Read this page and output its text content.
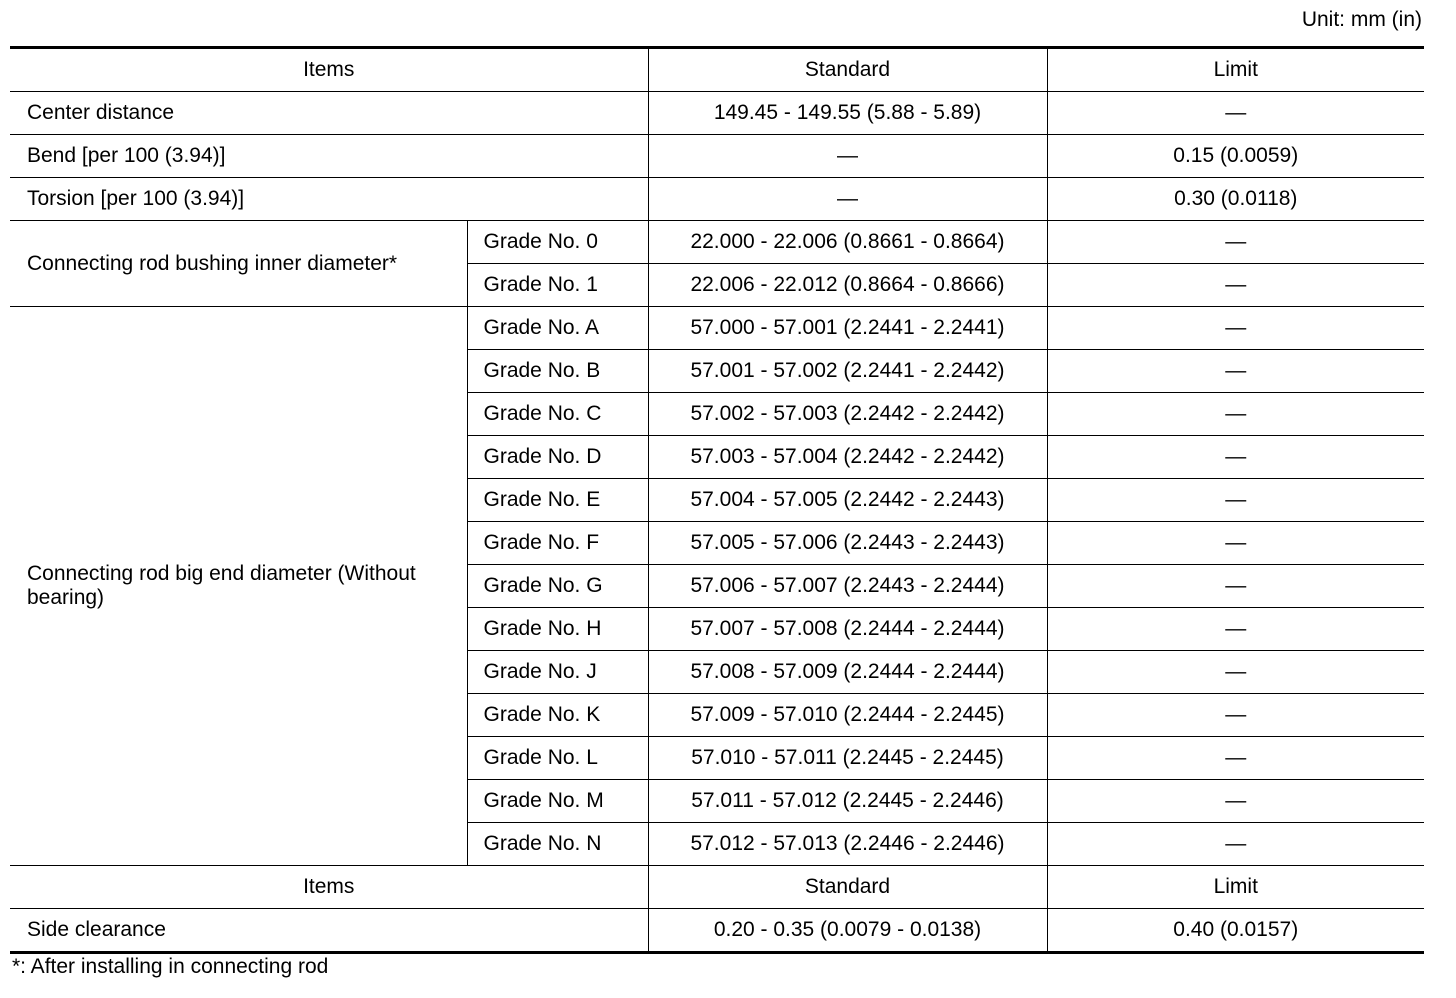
Unit: mm (in)
Items		Standard	Limit
Center distance		149.45 - 149.55 (5.88 - 5.89)	—
Bend [per 100 (3.94)]		—	0.15 (0.0059)
Torsion [per 100 (3.94)]		—	0.30 (0.0118)
Connecting rod bushing inner diameter*	Grade No. 0	22.000 - 22.006 (0.8661 - 0.8664)	—
	Grade No. 1	22.006 - 22.012 (0.8664 - 0.8666)	—
Connecting rod big end diameter (Without bearing)	Grade No. A	57.000 - 57.001 (2.2441 - 2.2441)	—
	Grade No. B	57.001 - 57.002 (2.2441 - 2.2442)	—
	Grade No. C	57.002 - 57.003 (2.2442 - 2.2442)	—
	Grade No. D	57.003 - 57.004 (2.2442 - 2.2442)	—
	Grade No. E	57.004 - 57.005 (2.2442 - 2.2443)	—
	Grade No. F	57.005 - 57.006 (2.2443 - 2.2443)	—
	Grade No. G	57.006 - 57.007 (2.2443 - 2.2444)	—
	Grade No. H	57.007 - 57.008 (2.2444 - 2.2444)	—
	Grade No. J	57.008 - 57.009 (2.2444 - 2.2444)	—
	Grade No. K	57.009 - 57.010 (2.2444 - 2.2445)	—
	Grade No. L	57.010 - 57.011 (2.2445 - 2.2445)	—
	Grade No. M	57.011 - 57.012 (2.2445 - 2.2446)	—
	Grade No. N	57.012 - 57.013 (2.2446 - 2.2446)	—
Items		Standard	Limit
Side clearance		0.20 - 0.35 (0.0079 - 0.0138)	0.40 (0.0157)
*: After installing in connecting rod
